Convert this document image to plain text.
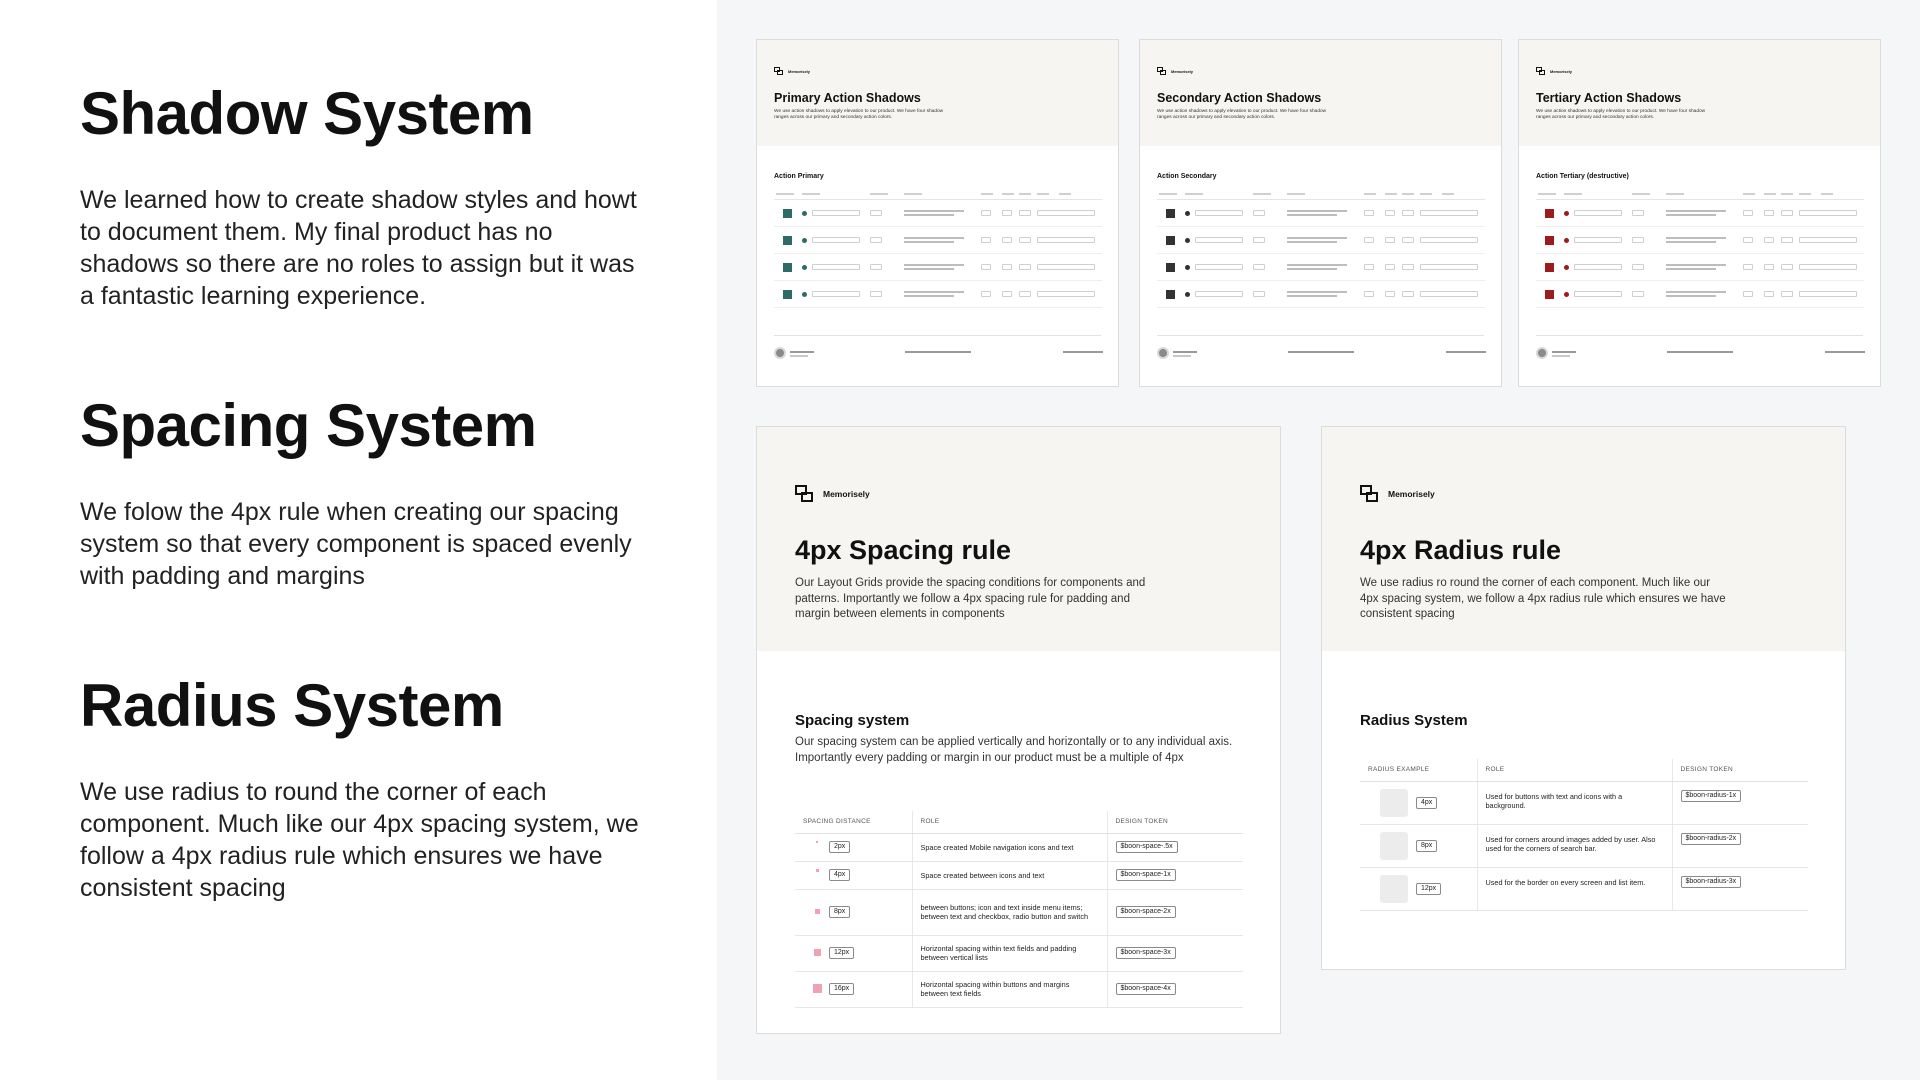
Shadow System

We learned how to create shadow styles and howt to document them. My final product has no shadows so there are no roles to assign but it was a fantastic learning experience.

Spacing System

We folow the 4px rule when creating our spacing system so that every component is spaced evenly with padding and margins

Radius System

We use radius to round the corner of each component. Much like our 4px spacing system, we follow a 4px radius rule which ensures we have consistent spacing

Memorisely
Primary Action Shadows
We use action shadows to apply elevation to our product. We have four shadow ranges across our primary and secondary action colors.
Action Primary
Memorisely
Secondary Action Shadows
We use action shadows to apply elevation to our product. We have four shadow ranges across our primary and secondary action colors.
Action Secondary
Memorisely
Tertiary Action Shadows
We use action shadows to apply elevation to our product. We have four shadow ranges across our primary and secondary action colors.
Action Tertiary (destructive)
Memorisely
4px Spacing rule
Our Layout Grids provide the spacing conditions for components and patterns. Importantly we follow a 4px spacing rule for padding and margin between elements in components
Spacing system
Our spacing system can be applied vertically and horizontally or to any individual axis. Importantly every padding or margin in our product must be a multiple of 4px
SPACING DISTANCE	ROLE	DESIGN TOKEN
2px	Space created Mobile navigation icons and text	$boon-space-.5x
4px	Space created between icons and text	$boon-space-1x
8px	between buttons; icon and text inside menu items; between text and checkbox, radio button and switch	$boon-space-2x
12px	Horizontal spacing within text fields and padding between vertical lists	$boon-space-3x
16px	Horizontal spacing within buttons and margins between text fields	$boon-space-4x
Memorisely
4px Radius rule
We use radius ro round the corner of each component. Much like our 4px spacing system, we follow a 4px radius rule which ensures we have consistent spacing
Radius System
RADIUS EXAMPLE	ROLE	DESIGN TOKEN
4px	Used for buttons with text and icons with a background.	$boon-radius-1x
8px	Used for corners around images added by user. Also used for the corners of search bar.	$boon-radius-2x
12px	Used for the border on every screen and list item.	$boon-radius-3x
